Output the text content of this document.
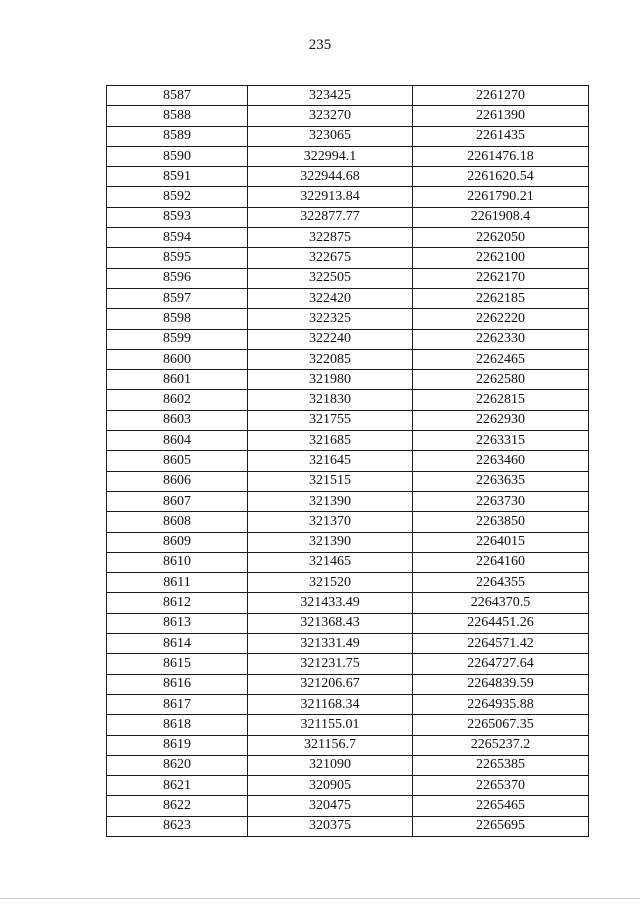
235
8587	323425	2261270
8588	323270	2261390
8589	323065	2261435
8590	322994.1	2261476.18
8591	322944.68	2261620.54
8592	322913.84	2261790.21
8593	322877.77	2261908.4
8594	322875	2262050
8595	322675	2262100
8596	322505	2262170
8597	322420	2262185
8598	322325	2262220
8599	322240	2262330
8600	322085	2262465
8601	321980	2262580
8602	321830	2262815
8603	321755	2262930
8604	321685	2263315
8605	321645	2263460
8606	321515	2263635
8607	321390	2263730
8608	321370	2263850
8609	321390	2264015
8610	321465	2264160
8611	321520	2264355
8612	321433.49	2264370.5
8613	321368.43	2264451.26
8614	321331.49	2264571.42
8615	321231.75	2264727.64
8616	321206.67	2264839.59
8617	321168.34	2264935.88
8618	321155.01	2265067.35
8619	321156.7	2265237.2
8620	321090	2265385
8621	320905	2265370
8622	320475	2265465
8623	320375	2265695
